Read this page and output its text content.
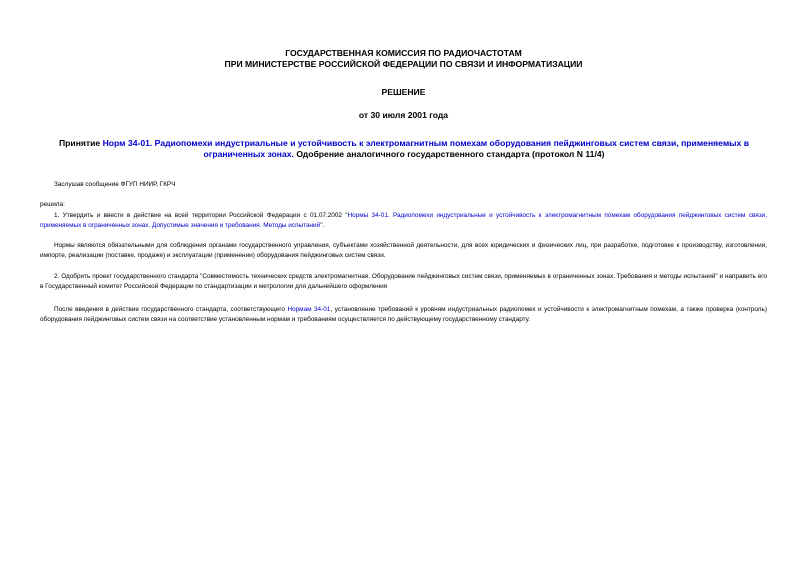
ГОСУДАРСТВЕННАЯ КОМИССИЯ ПО РАДИОЧАСТОТАМ
ПРИ МИНИСТЕРСТВЕ РОССИЙСКОЙ ФЕДЕРАЦИИ ПО СВЯЗИ И ИНФОРМАТИЗАЦИИ
РЕШЕНИЕ
от 30 июля 2001 года
Принятие Норм 34-01. Радиопомехи индустриальные и устойчивость к электромагнитным помехам оборудования пейджинговых систем связи, применяемых в ограниченных зонах. Одобрение аналогичного государственного стандарта (протокол N 11/4)
Заслушав сообщение ФГУП НИИР, ГКРЧ
решила:
1. Утвердить и ввести в действие на всей территории Российской Федерации с 01.07.2002 "Нормы 34-01. Радиопомехи индустриальные и устойчивость к электромагнитным помехам оборудования пейджинговых систем связи, применяемых в ограниченных зонах. Допустимые значения и требования. Методы испытаний".
Нормы являются обязательными для соблюдения органами государственного управления, субъектами хозяйственной деятельности, для всех юридических и физических лиц, при разработке, подготовке к производству, изготовлении, импорте, реализации (поставке, продаже) и эксплуатации (применении) оборудования пейджинговых систем связи.
2. Одобрить проект государственного стандарта "Совместимость технических средств электромагнитная. Оборудование пейджинговых систем связи, применяемых в ограниченных зонах. Требования и методы испытаний" и направить его в Государственный комитет Российской Федерации по стандартизации и метрологии для дальнейшего оформления
После введения в действие государственного стандарта, соответствующего Нормам 34-01, установление требований к уровням индустриальных радиопомех и устойчивости к электромагнитным помехам, а также проверка (контроль) оборудования пейджинговых систем связи на соответствие установленным нормам и требованиям осуществляется по действующему государственному стандарту.
